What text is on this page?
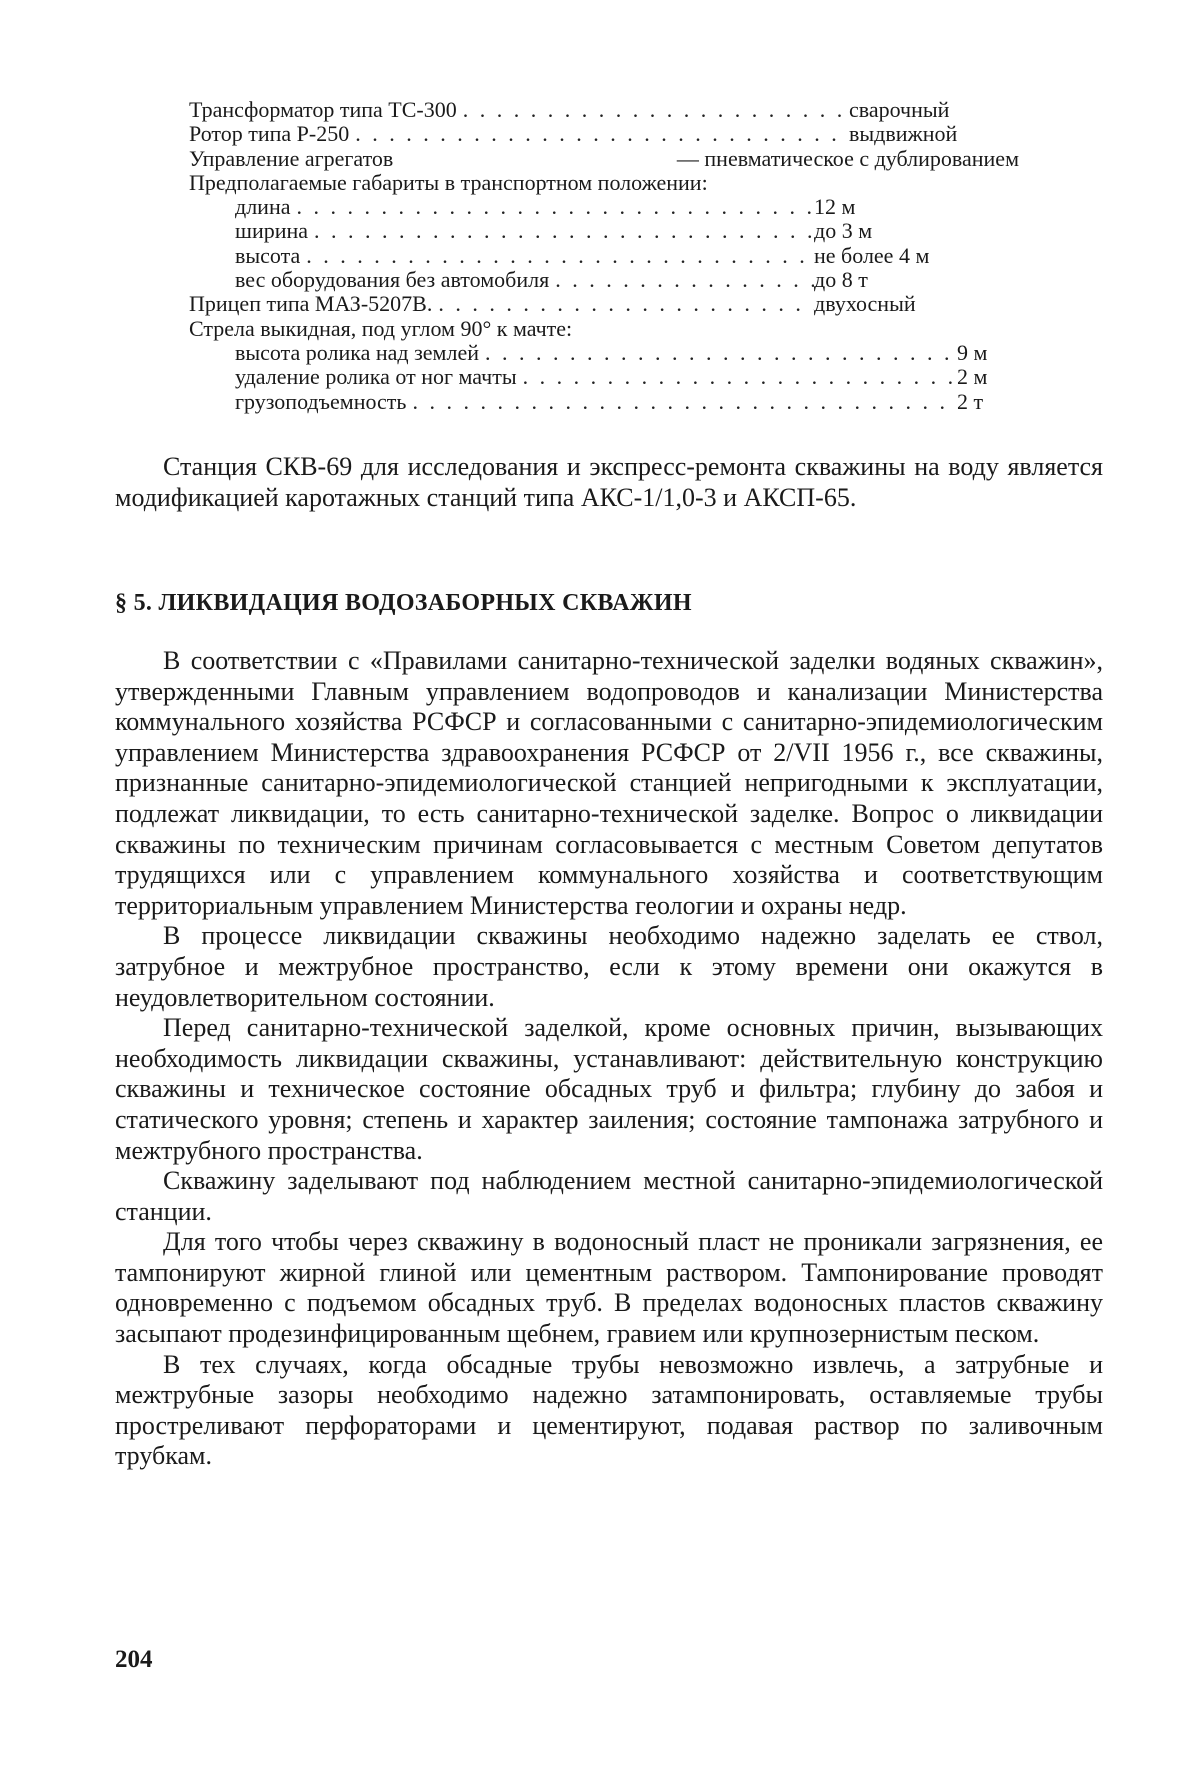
Трансформатор типа ТС-300 . . .	сварочный
Ротор типа Р-250 . . .	выдвижной
Управление агрегатов	— пневматическое с дублированием
Предполагаемые габариты в транспортном положении:
длина . . .	12 м
ширина . . .	до 3 м
высота . . .	не более 4 м
вес оборудования без автомобиля . . .	до 8 т
Прицеп типа МАЗ-5207В. . . .	двухосный
Стрела выкидная, под углом 90° к мачте:
высота ролика над землей . . .	9 м
удаление ролика от ног мачты . . .	2 м
грузоподъемность . . .	2 т

Станция СКВ-69 для исследования и экспресс-ремонта скважины на воду является модификацией каротажных станций типа АКС-1/1,0-3 и АКСП-65.

§ 5. ЛИКВИДАЦИЯ ВОДОЗАБОРНЫХ СКВАЖИН

В соответствии с «Правилами санитарно-технической заделки водяных скважин», утвержденными Главным управлением водопроводов и канализации Министерства коммунального хозяйства РСФСР и согласованными с санитарно-эпидемиологическим управлением Министерства здравоохранения РСФСР от 2/VII 1956 г., все скважины, признанные санитарно-эпидемиологической станцией непригодными к эксплуатации, подлежат ликвидации, то есть санитарно-технической заделке. Вопрос о ликвидации скважины по техническим причинам согласовывается с местным Советом депутатов трудящихся или с управлением коммунального хозяйства и соответствующим территориальным управлением Министерства геологии и охраны недр.

В процессе ликвидации скважины необходимо надежно заделать ее ствол, затрубное и межтрубное пространство, если к этому времени они окажутся в неудовлетворительном состоянии.

Перед санитарно-технической заделкой, кроме основных причин, вызывающих необходимость ликвидации скважины, устанавливают: действительную конструкцию скважины и техническое состояние обсадных труб и фильтра; глубину до забоя и статического уровня; степень и характер заиления; состояние тампонажа затрубного и межтрубного пространства.

Скважину заделывают под наблюдением местной санитарно-эпидемиологической станции.

Для того чтобы через скважину в водоносный пласт не проникали загрязнения, ее тампонируют жирной глиной или цементным раствором. Тампонирование проводят одновременно с подъемом обсадных труб. В пределах водоносных пластов скважину засыпают продезинфицированным щебнем, гравием или крупнозернистым песком.

В тех случаях, когда обсадные трубы невозможно извлечь, а затрубные и межтрубные зазоры необходимо надежно затампонировать, оставляемые трубы простреливают перфораторами и цементируют, подавая раствор по заливочным трубкам.

204
